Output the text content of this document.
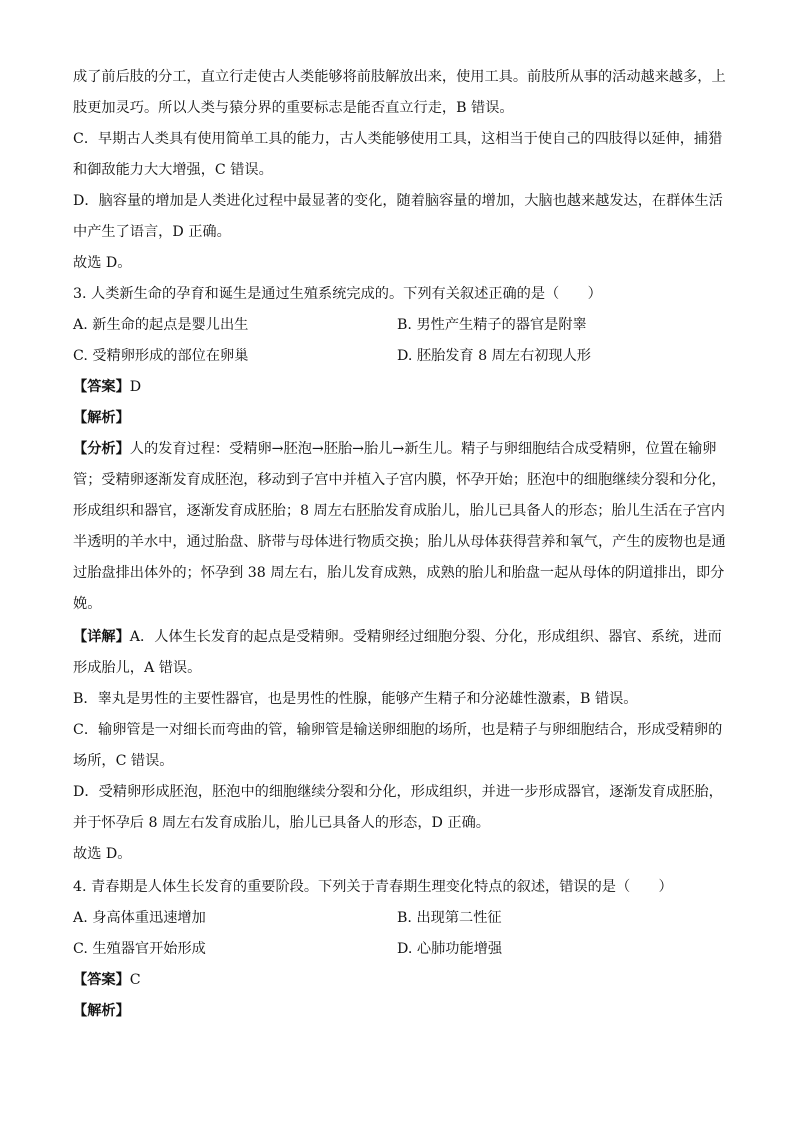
成了前后肢的分工，直立行走使古人类能够将前肢解放出来，使用工具。前肢所从事的活动越来越多，上
肢更加灵巧。所以人类与猿分界的重要标志是能否直立行走，B 错误。
C．早期古人类具有使用简单工具的能力，古人类能够使用工具，这相当于使自己的四肢得以延伸，捕猎
和御敌能力大大增强，C 错误。
D．脑容量的增加是人类进化过程中最显著的变化，随着脑容量的增加，大脑也越来越发达，在群体生活
中产生了语言，D 正确。
故选 D。
3. 人类新生命的孕育和诞生是通过生殖系统完成的。下列有关叙述正确的是（　　）
A. 新生命的起点是婴儿出生	B. 男性产生精子的器官是附睾
C. 受精卵形成的部位在卵巢	D. 胚胎发育 8 周左右初现人形
【答案】D
【解析】
【分析】人的发育过程：受精卵→胚泡→胚胎→胎儿→新生儿。精子与卵细胞结合成受精卵，位置在输卵
管；受精卵逐渐发育成胚泡，移动到子宫中并植入子宫内膜，怀孕开始；胚泡中的细胞继续分裂和分化，
形成组织和器官，逐渐发育成胚胎；8 周左右胚胎发育成胎儿，胎儿已具备人的形态；胎儿生活在子宫内
半透明的羊水中，通过胎盘、脐带与母体进行物质交换；胎儿从母体获得营养和氧气，产生的废物也是通
过胎盘排出体外的；怀孕到 38 周左右，胎儿发育成熟，成熟的胎儿和胎盘一起从母体的阴道排出，即分
娩。
【详解】A．人体生长发育的起点是受精卵。受精卵经过细胞分裂、分化，形成组织、器官、系统，进而
形成胎儿，A 错误。
B．睾丸是男性的主要性器官，也是男性的性腺，能够产生精子和分泌雄性激素，B 错误。
C．输卵管是一对细长而弯曲的管，输卵管是输送卵细胞的场所，也是精子与卵细胞结合，形成受精卵的
场所，C 错误。
D．受精卵形成胚泡，胚泡中的细胞继续分裂和分化，形成组织，并进一步形成器官，逐渐发育成胚胎，
并于怀孕后 8 周左右发育成胎儿，胎儿已具备人的形态，D 正确。
故选 D。
4. 青春期是人体生长发育的重要阶段。下列关于青春期生理变化特点的叙述，错误的是（　　）
A. 身高体重迅速增加	B. 出现第二性征
C. 生殖器官开始形成	D. 心肺功能增强
【答案】C
【解析】
